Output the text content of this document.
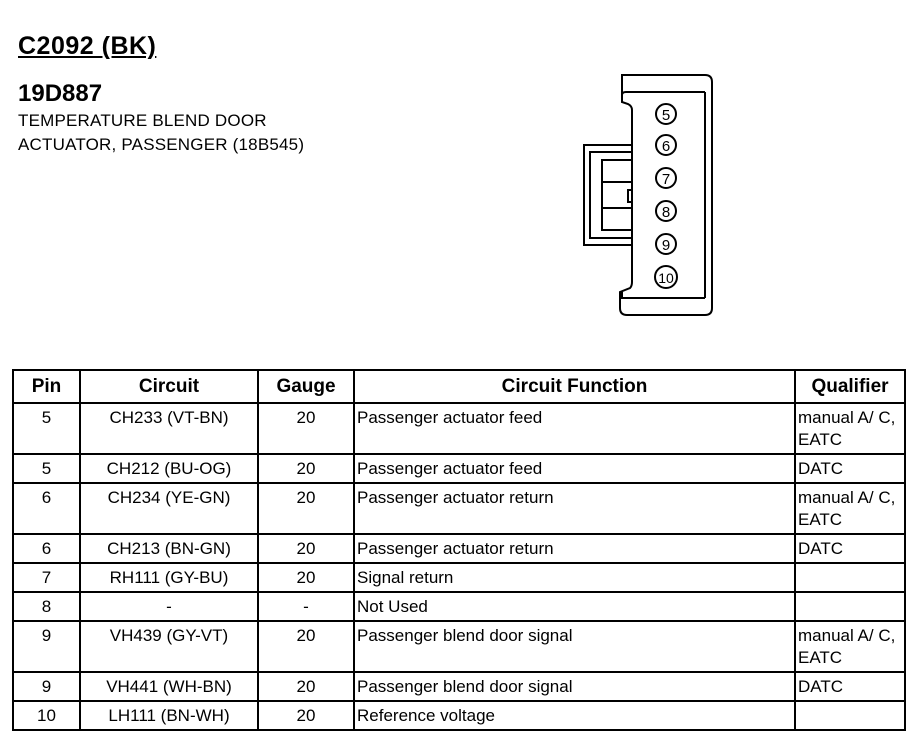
C2092 (BK)
19D887
TEMPERATURE BLEND DOOR
ACTUATOR, PASSENGER (18B545)
5
6
7
8
9
10
Pin	Circuit	Gauge	Circuit Function	Qualifier
5	CH233 (VT-BN)	20	Passenger actuator feed	manual A/ C, EATC
5	CH212 (BU-OG)	20	Passenger actuator feed	DATC
6	CH234 (YE-GN)	20	Passenger actuator return	manual A/ C, EATC
6	CH213 (BN-GN)	20	Passenger actuator return	DATC
7	RH111 (GY-BU)	20	Signal return	
8	-	-	Not Used	
9	VH439 (GY-VT)	20	Passenger blend door signal	manual A/ C, EATC
9	VH441 (WH-BN)	20	Passenger blend door signal	DATC
10	LH111 (BN-WH)	20	Reference voltage	
